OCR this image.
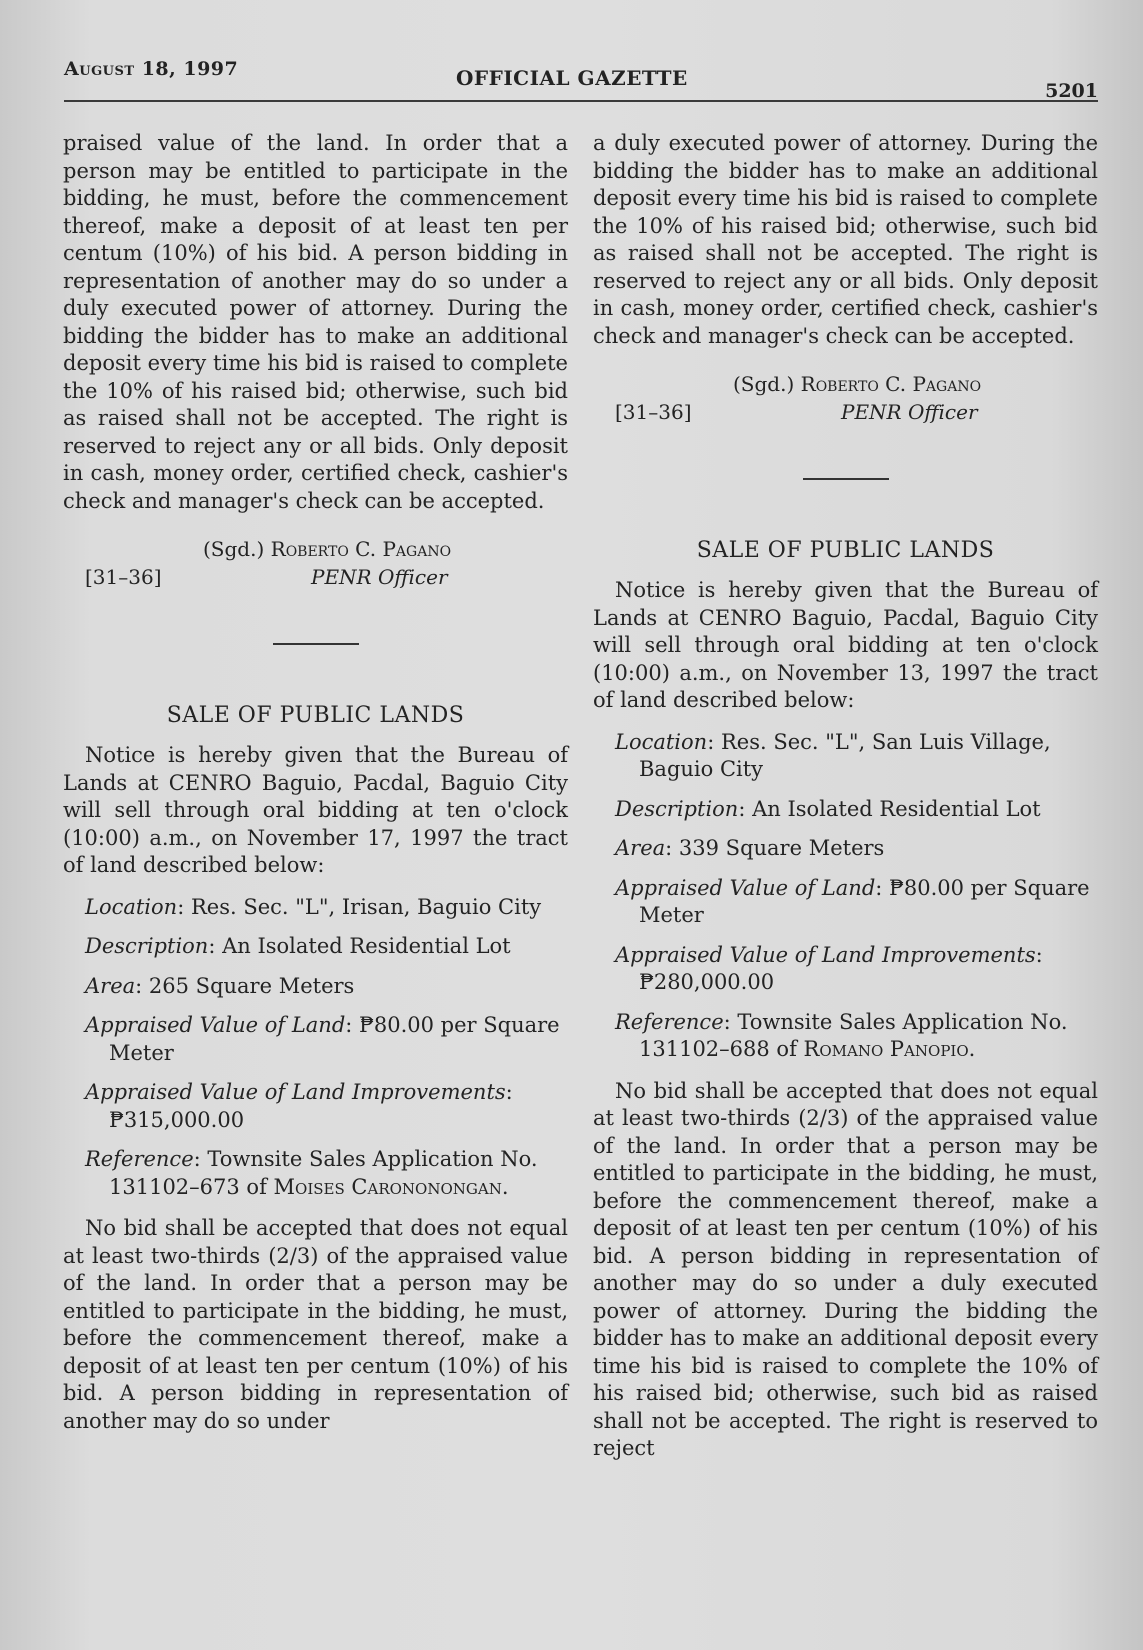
August 18, 1997	OFFICIAL GAZETTE
5201

praised value of the land. In order that a person may be entitled to participate in the bidding, he must, before the commencement thereof, make a deposit of at least ten per centum (10%) of his bid. A person bidding in representation of another may do so under a duly executed power of attorney. During the bidding the bidder has to make an additional deposit every time his bid is raised to complete the 10% of his raised bid; otherwise, such bid as raised shall not be accepted. The right is reserved to reject any or all bids. Only deposit in cash, money order, certified check, cashier's check and manager's check can be accepted.

(Sgd.) Roberto C. Pagano
[31–36]	PENR Officer
SALE OF PUBLIC LANDS

Notice is hereby given that the Bureau of Lands at CENRO Baguio, Pacdal, Baguio City will sell through oral bidding at ten o'clock (10:00) a.m., on November 17, 1997 the tract of land described below:

Location: Res. Sec. "L", Irisan, Baguio City
Description: An Isolated Residential Lot
Area: 265 Square Meters
Appraised Value of Land: ₱80.00 per Square Meter
Appraised Value of Land Improvements: ₱315,000.00
Reference: Townsite Sales Application No. 131102–673 of Moises Carononongan.

No bid shall be accepted that does not equal at least two-thirds (2/3) of the appraised value of the land. In order that a person may be entitled to participate in the bidding, he must, before the commencement thereof, make a deposit of at least ten per centum (10%) of his bid. A person bidding in representation of another may do so under

a duly executed power of attorney. During the bidding the bidder has to make an additional deposit every time his bid is raised to complete the 10% of his raised bid; otherwise, such bid as raised shall not be accepted. The right is reserved to reject any or all bids. Only deposit in cash, money order, certified check, cashier's check and manager's check can be accepted.

(Sgd.) Roberto C. Pagano
[31–36]	PENR Officer
SALE OF PUBLIC LANDS

Notice is hereby given that the Bureau of Lands at CENRO Baguio, Pacdal, Baguio City will sell through oral bidding at ten o'clock (10:00) a.m., on November 13, 1997 the tract of land described below:

Location: Res. Sec. "L", San Luis Village, Baguio City
Description: An Isolated Residential Lot
Area: 339 Square Meters
Appraised Value of Land: ₱80.00 per Square Meter
Appraised Value of Land Improvements: ₱280,000.00
Reference: Townsite Sales Application No. 131102–688 of Romano Panopio.

No bid shall be accepted that does not equal at least two-thirds (2/3) of the appraised value of the land. In order that a person may be entitled to participate in the bidding, he must, before the commencement thereof, make a deposit of at least ten per centum (10%) of his bid. A person bidding in representation of another may do so under a duly executed power of attorney. During the bidding the bidder has to make an additional deposit every time his bid is raised to complete the 10% of his raised bid; otherwise, such bid as raised shall not be accepted. The right is reserved to reject
